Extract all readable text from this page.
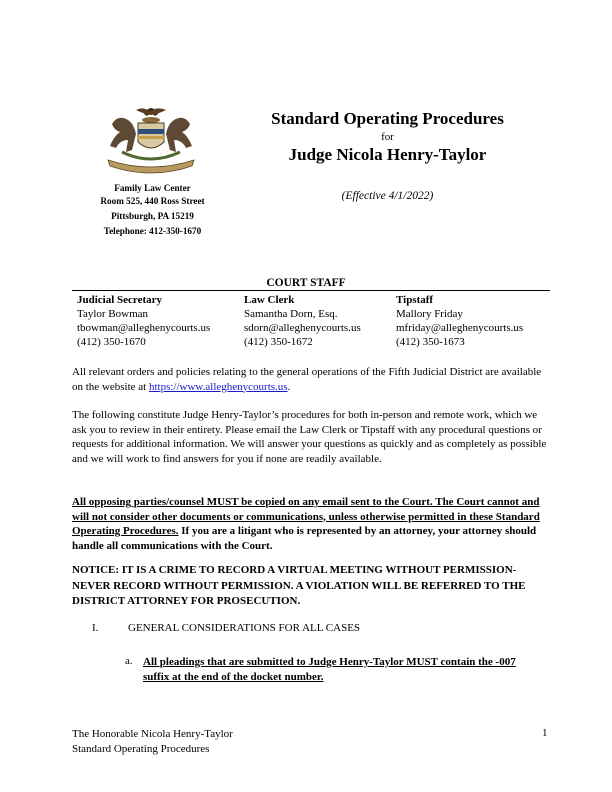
Family Law Center
Room 525, 440 Ross Street
Pittsburgh, PA 15219
Telephone: 412-350-1670
Standard Operating Procedures
for
Judge Nicola Henry-Taylor
(Effective 4/1/2022)
COURT STAFF
Judicial Secretary
Taylor Bowman
tbowman@alleghenycourts.us
(412) 350-1670
Law Clerk
Samantha Dorn, Esq.
sdorn@alleghenycourts.us
(412) 350-1672
Tipstaff
Mallory Friday
mfriday@alleghenycourts.us
(412) 350-1673
All relevant orders and policies relating to the general operations of the Fifth Judicial District are available on the website at https://www.alleghenycourts.us.
The following constitute Judge Henry-Taylor’s procedures for both in-person and remote work, which we ask you to review in their entirety. Please email the Law Clerk or Tipstaff with any procedural questions or requests for additional information. We will answer your questions as quickly and as completely as possible and we will work to find answers for you if none are readily available.
All opposing parties/counsel MUST be copied on any email sent to the Court. The Court cannot and will not consider other documents or communications, unless otherwise permitted in these Standard Operating Procedures. If you are a litigant who is represented by an attorney, your attorney should handle all communications with the Court.
NOTICE: IT IS A CRIME TO RECORD A VIRTUAL MEETING WITHOUT PERMISSION- NEVER RECORD WITHOUT PERMISSION. A VIOLATION WILL BE REFERRED TO THE DISTRICT ATTORNEY FOR PROSECUTION.
I.	GENERAL CONSIDERATIONS FOR ALL CASES
a. All pleadings that are submitted to Judge Henry-Taylor MUST contain the -007 suffix at the end of the docket number.
The Honorable Nicola Henry-Taylor
Standard Operating Procedures
1
